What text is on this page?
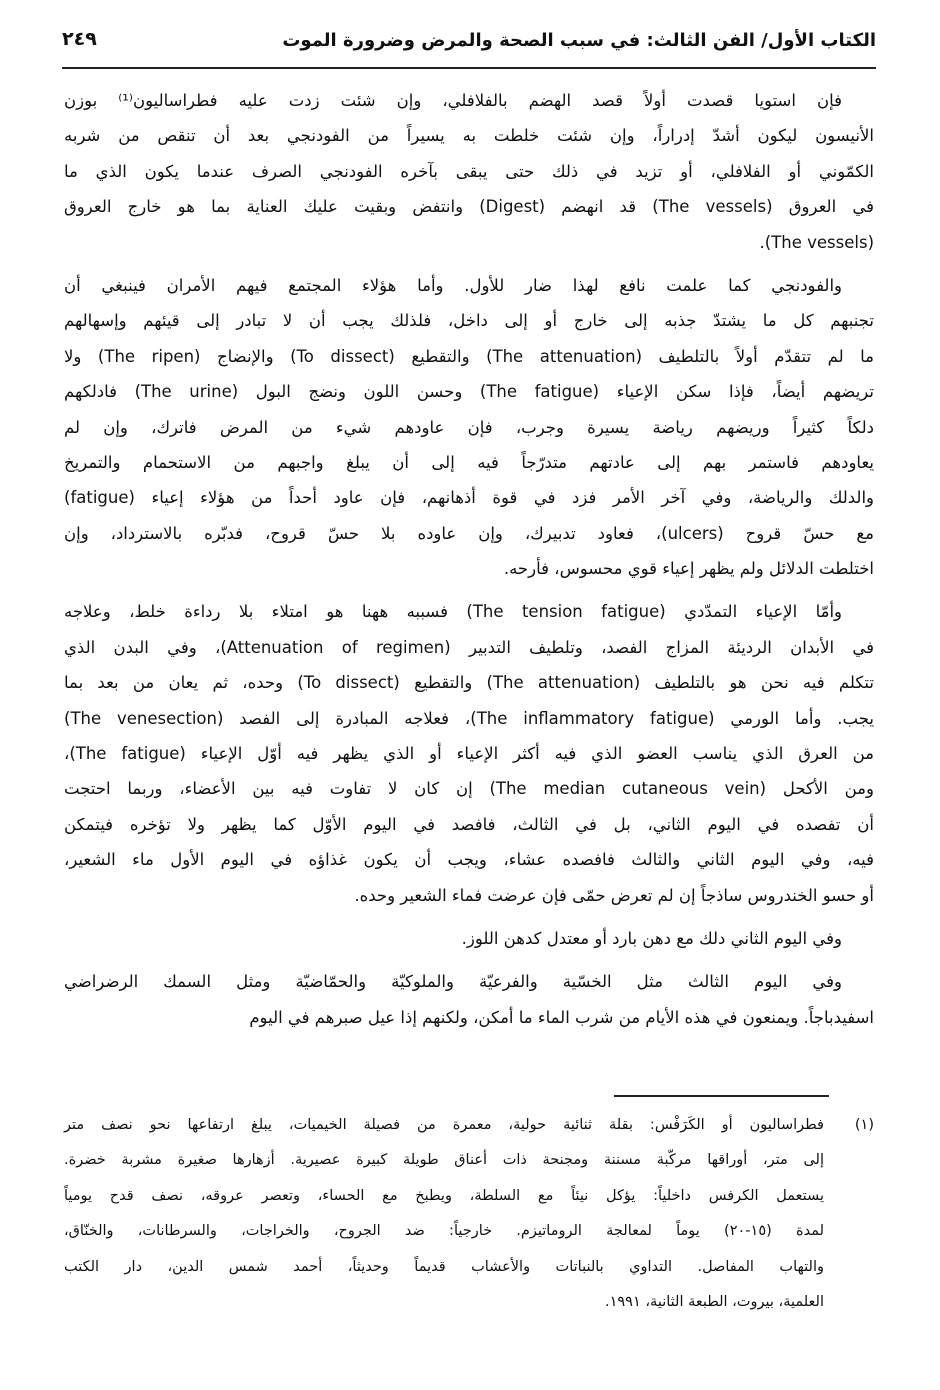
الكتاب الأول/ الفن الثالث: في سبب الصحة والمرض وضرورة الموت
٢٤٩
فإن استويا قصدت أولاً قصد الهضم بالفلافلي، وإن شئت زدت عليه فطراساليون⁽¹⁾ بوزن
الأنيسون ليكون أشدّ إدراراً، وإن شئت خلطت به يسيراً من الفودنجي بعد أن تنقص من شربه
الكمّوني أو الفلافلي، أو تزيد في ذلك حتى يبقى بآخره الفودنجي الصرف عندما يكون الذي ما
في العروق (The vessels) قد انهضم (Digest) وانتفض وبقيت عليك العناية بما هو خارج العروق
(The vessels).
والفودنجي كما علمت نافع لهذا ضار للأول. وأما هؤلاء المجتمع فيهم الأمران فينبغي أن
تجنبهم كل ما يشتدّ جذبه إلى خارج أو إلى داخل، فلذلك يجب أن لا تبادر إلى قيئهم وإسهالهم
ما لم تتقدّم أولاً بالتلطيف (The attenuation) والتقطيع (To dissect) والإنضاج (The ripen) ولا
تريضهم أيضاً، فإذا سكن الإعياء (The fatigue) وحسن اللون ونضج البول (The urine) فادلكهم
دلكاً كثيراً وريضهم رياضة يسيرة وجرب، فإن عاودهم شيء من المرض فاترك، وإن لم
يعاودهم فاستمر بهم إلى عادتهم متدرّجاً فيه إلى أن يبلغ واجبهم من الاستحمام والتمريخ
والدلك والرياضة، وفي آخر الأمر فزد في قوة أذهانهم، فإن عاود أحداً من هؤلاء إعياء (fatigue)
مع حسّ قروح (ulcers)، فعاود تدبيرك، وإن عاوده بلا حسّ قروح، فدبّره بالاسترداد، وإن
اختلطت الدلائل ولم يظهر إعياء قوي محسوس، فأرحه.
وأمّا الإعياء التمدّدي (The tension fatigue) فسببه ههنا هو امتلاء بلا رداءة خلط، وعلاجه
في الأبدان الرديئة المزاج الفصد، وتلطيف التدبير (Attenuation of regimen)، وفي البدن الذي
تتكلم فيه نحن هو بالتلطيف (The attenuation) والتقطيع (To dissect) وحده، ثم يعان من بعد بما
يجب. وأما الورمي (The inflammatory fatigue)، فعلاجه المبادرة إلى الفصد (The venesection)
من العرق الذي يناسب العضو الذي فيه أكثر الإعياء أو الذي يظهر فيه أوّل الإعياء (The fatigue)،
ومن الأكحل (The median cutaneous vein) إن كان لا تفاوت فيه بين الأعضاء، وربما احتجت
أن تفصده في اليوم الثاني، بل في الثالث، فافصد في اليوم الأوّل كما يظهر ولا تؤخره فيتمكن
فيه، وفي اليوم الثاني والثالث فافصده عشاء، ويجب أن يكون غذاؤه في اليوم الأول ماء الشعير،
أو حسو الخندروس ساذجاً إن لم تعرض حمّى فإن عرضت فماء الشعير وحده.
وفي اليوم الثاني دلك مع دهن بارد أو معتدل كدهن اللوز.
وفي اليوم الثالث مثل الخسّية والفرعيّة والملوكيّة والحمّاضيّة ومثل السمك الرضراضي
اسفيدباجاً. ويمنعون في هذه الأيام من شرب الماء ما أمكن، ولكنهم إذا عيل صبرهم في اليوم
(١)فطراساليون أو الكَرَفْس: بقلة ثنائية حولية، معمرة من فصيلة الخيميات، يبلغ ارتفاعها نحو نصف متر
إلى متر، أوراقها مركّبة مسننة ومجنحة ذات أعناق طويلة كبيرة عصيرية. أزهارها صغيرة مشربة خضرة.
يستعمل الكرفس داخلياً: يؤكل نيئاً مع السلطة، ويطبخ مع الحساء، وتعصر عروقه، نصف قدح يومياً
لمدة (١٥-٢٠) يوماً لمعالجة الروماتيزم. خارجياً: ضد الجروح، والخراجات، والسرطانات، والخنّاق،
والتهاب المفاصل. التداوي بالنباتات والأعشاب قديماً وحديثاً، أحمد شمس الدين، دار الكتب
العلمية، بيروت، الطبعة الثانية، ١٩٩١.
